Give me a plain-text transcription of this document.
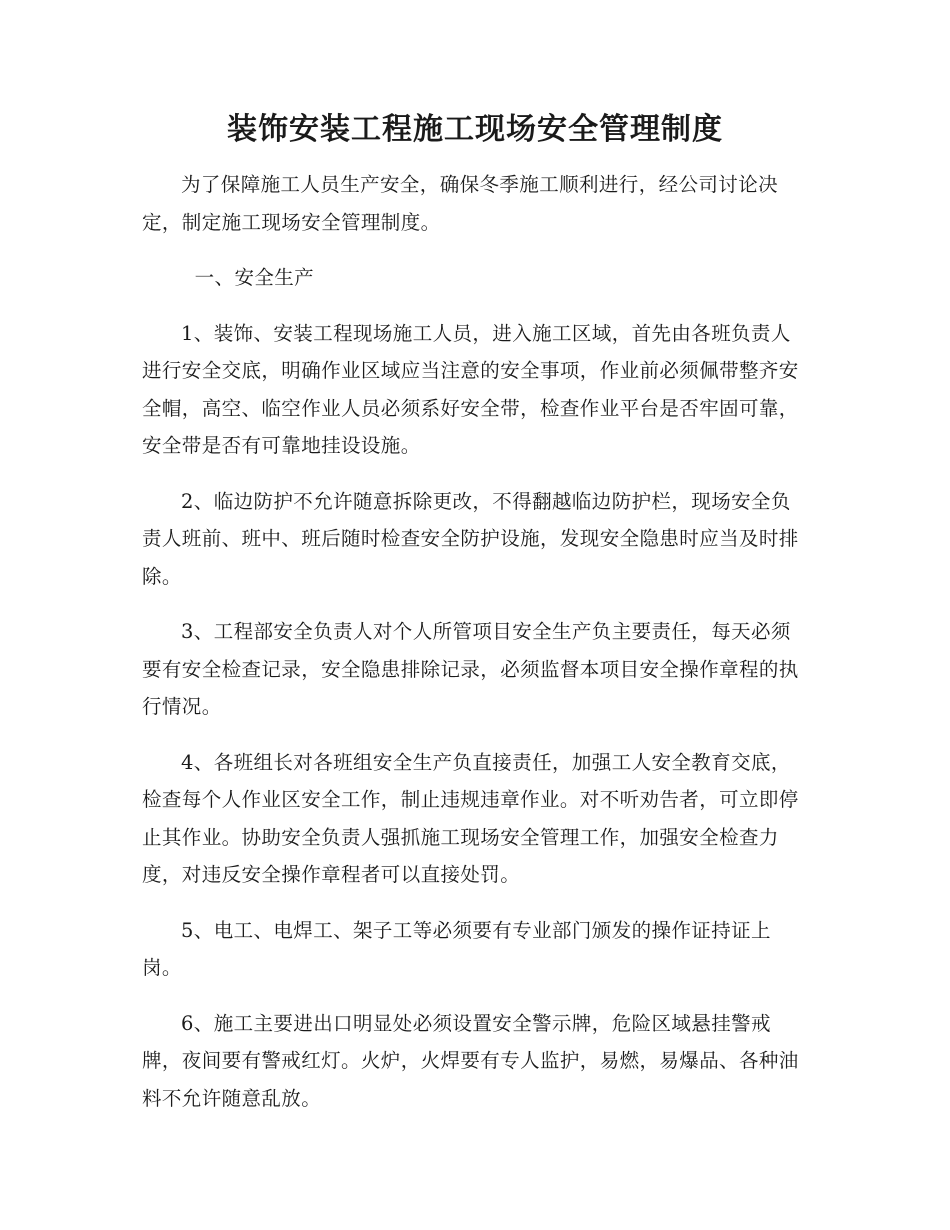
装饰安装工程施工现场安全管理制度

为了保障施工人员生产安全，确保冬季施工顺利进行，经公司讨论决定，制定施工现场安全管理制度。

一、安全生产

1、装饰、安装工程现场施工人员，进入施工区域，首先由各班负责人进行安全交底，明确作业区域应当注意的安全事项，作业前必须佩带整齐安全帽，高空、临空作业人员必须系好安全带，检查作业平台是否牢固可靠，安全带是否有可靠地挂设设施。

2、临边防护不允许随意拆除更改，不得翻越临边防护栏，现场安全负责人班前、班中、班后随时检查安全防护设施，发现安全隐患时应当及时排除。

3、工程部安全负责人对个人所管项目安全生产负主要责任，每天必须要有安全检查记录，安全隐患排除记录，必须监督本项目安全操作章程的执行情况。

4、各班组长对各班组安全生产负直接责任，加强工人安全教育交底，检查每个人作业区安全工作，制止违规违章作业。对不听劝告者，可立即停止其作业。协助安全负责人强抓施工现场安全管理工作，加强安全检查力度，对违反安全操作章程者可以直接处罚。

5、电工、电焊工、架子工等必须要有专业部门颁发的操作证持证上岗。

6、施工主要进出口明显处必须设置安全警示牌，危险区域悬挂警戒牌，夜间要有警戒红灯。火炉，火焊要有专人监护，易燃，易爆品、各种油料不允许随意乱放。
